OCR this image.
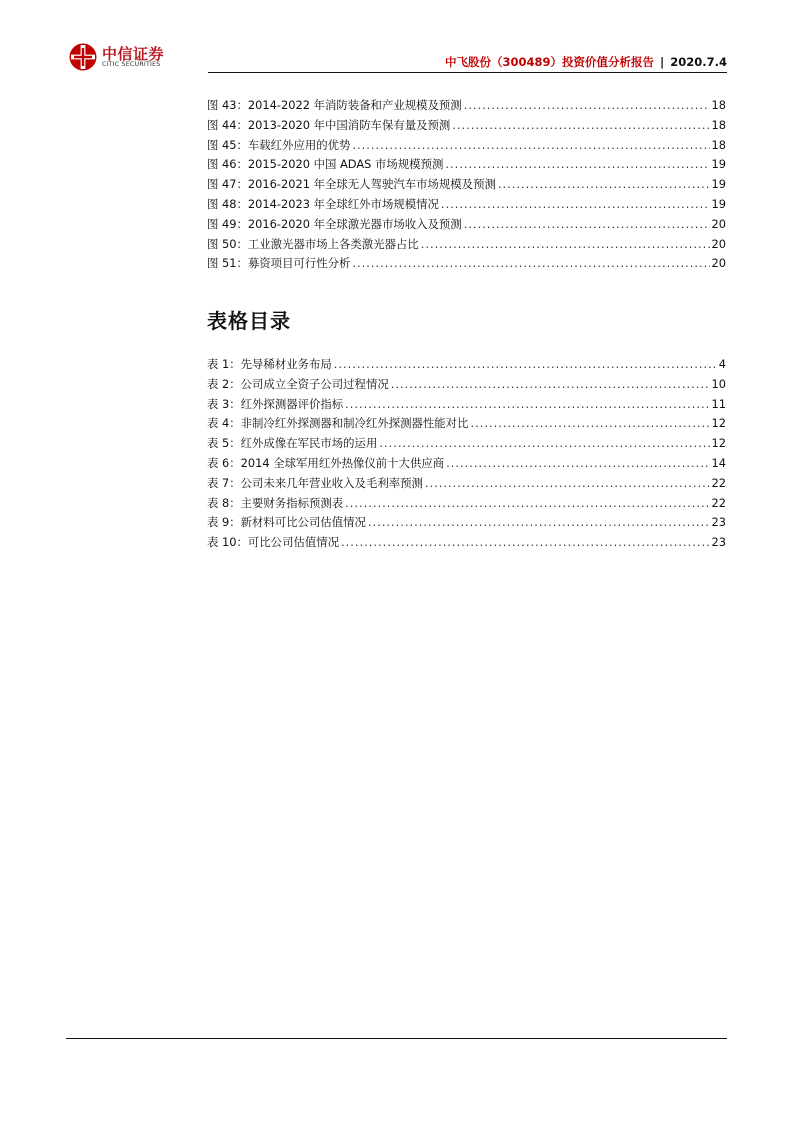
中信证券
CITIC SECURITIES	中飞股份（300489）投资价值分析报告 | 2020.7.4
图 43：2014-2022 年消防装备和产业规模及预测 .....	18
图 44：2013-2020 年中国消防车保有量及预测 .....	18
图 45：车载红外应用的优势 .....	18
图 46：2015-2020 中国 ADAS 市场规模预测 .....	19
图 47：2016-2021 年全球无人驾驶汽车市场规模及预测 .....	19
图 48：2014-2023 年全球红外市场规模情况 .....	19
图 49：2016-2020 年全球激光器市场收入及预测 .....	20
图 50：工业激光器市场上各类激光器占比 .....	20
图 51：募资项目可行性分析 .....	20
表格目录
表 1：先导稀材业务布局 .....	4
表 2：公司成立全资子公司过程情况 .....	10
表 3：红外探测器评价指标 .....	11
表 4：非制冷红外探测器和制冷红外探测器性能对比 .....	12
表 5：红外成像在军民市场的运用 .....	12
表 6：2014 全球军用红外热像仪前十大供应商 .....	14
表 7：公司未来几年营业收入及毛利率预测 .....	22
表 8：主要财务指标预测表 .....	22
表 9：新材料可比公司估值情况 .....	23
表 10：可比公司估值情况 .....	23
